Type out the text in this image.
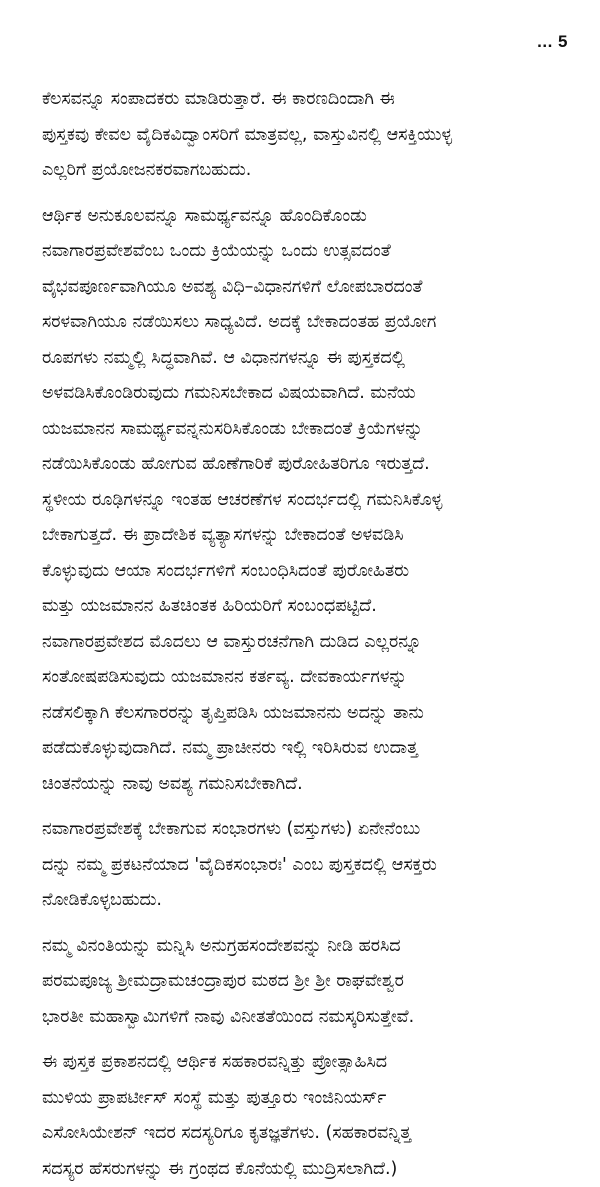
... 5

ಕೆಲಸವನ್ನೂ ಸಂಪಾದಕರು ಮಾಡಿರುತ್ತಾರೆ. ಈ ಕಾರಣದಿಂದಾಗಿ ಈ
ಪುಸ್ತಕವು ಕೇವಲ ವೈದಿಕವಿದ್ವಾಂಸರಿಗೆ ಮಾತ್ರವಲ್ಲ, ವಾಸ್ತುವಿನಲ್ಲಿ ಆಸಕ್ತಿಯುಳ್ಳ
ಎಲ್ಲರಿಗೆ ಪ್ರಯೋಜನಕರವಾಗಬಹುದು.

ಆರ್ಥಿಕ ಅನುಕೂಲವನ್ನೂ ಸಾಮರ್ಥ್ಯವನ್ನೂ ಹೊಂದಿಕೊಂಡು
ನವಾಗಾರಪ್ರವೇಶವೆಂಬ ಒಂದು ಕ್ರಿಯೆಯನ್ನು ಒಂದು ಉತ್ಸವದಂತೆ
ವೈಭವಪೂರ್ಣವಾಗಿಯೂ ಅವಶ್ಯ ವಿಧಿ–ವಿಧಾನಗಳಿಗೆ ಲೋಪಬಾರದಂತೆ
ಸರಳವಾಗಿಯೂ ನಡೆಯಿಸಲು ಸಾಧ್ಯವಿದೆ. ಅದಕ್ಕೆ ಬೇಕಾದಂತಹ ಪ್ರಯೋಗ
ರೂಪಗಳು ನಮ್ಮಲ್ಲಿ ಸಿದ್ಧವಾಗಿವೆ. ಆ ವಿಧಾನಗಳನ್ನೂ ಈ ಪುಸ್ತಕದಲ್ಲಿ
ಅಳವಡಿಸಿಕೊಂಡಿರುವುದು ಗಮನಿಸಬೇಕಾದ ವಿಷಯವಾಗಿದೆ. ಮನೆಯ
ಯಜಮಾನನ ಸಾಮರ್ಥ್ಯವನ್ನನುಸರಿಸಿಕೊಂಡು ಬೇಕಾದಂತೆ ಕ್ರಿಯೆಗಳನ್ನು
ನಡೆಯಿಸಿಕೊಂಡು ಹೋಗುವ ಹೊಣೆಗಾರಿಕೆ ಪುರೋಹಿತರಿಗೂ ಇರುತ್ತದೆ.
ಸ್ಥಳೀಯ ರೂಢಿಗಳನ್ನೂ ಇಂತಹ ಆಚರಣೆಗಳ ಸಂದರ್ಭದಲ್ಲಿ ಗಮನಿಸಿಕೊಳ್ಳ
ಬೇಕಾಗುತ್ತದೆ. ಈ ಪ್ರಾದೇಶಿಕ ವ್ಯತ್ಯಾಸಗಳನ್ನು ಬೇಕಾದಂತೆ ಅಳವಡಿಸಿ
ಕೊಳ್ಳುವುದು ಆಯಾ ಸಂದರ್ಭಗಳಿಗೆ ಸಂಬಂಧಿಸಿದಂತೆ ಪುರೋಹಿತರು
ಮತ್ತು ಯಜಮಾನನ ಹಿತಚಿಂತಕ ಹಿರಿಯರಿಗೆ ಸಂಬಂಧಪಟ್ಟಿದೆ.
ನವಾಗಾರಪ್ರವೇಶದ ಮೊದಲು ಆ ವಾಸ್ತುರಚನೆಗಾಗಿ ದುಡಿದ ಎಲ್ಲರನ್ನೂ
ಸಂತೋಷಪಡಿಸುವುದು ಯಜಮಾನನ ಕರ್ತವ್ಯ. ದೇವಕಾರ್ಯಗಳನ್ನು
ನಡೆಸಲಿಕ್ಕಾಗಿ ಕೆಲಸಗಾರರನ್ನು ತೃಪ್ತಿಪಡಿಸಿ ಯಜಮಾನನು ಅದನ್ನು ತಾನು
ಪಡೆದುಕೊಳ್ಳುವುದಾಗಿದೆ. ನಮ್ಮ ಪ್ರಾಚೀನರು ಇಲ್ಲಿ ಇರಿಸಿರುವ ಉದಾತ್ತ
ಚಿಂತನೆಯನ್ನು ನಾವು ಅವಶ್ಯ ಗಮನಿಸಬೇಕಾಗಿದೆ.

ನವಾಗಾರಪ್ರವೇಶಕ್ಕೆ ಬೇಕಾಗುವ ಸಂಭಾರಗಳು (ವಸ್ತುಗಳು) ಏನೇನೆಂಬು
ದನ್ನು ನಮ್ಮ ಪ್ರಕಟನೆಯಾದ 'ವೈದಿಕಸಂಭಾರಃ' ಎಂಬ ಪುಸ್ತಕದಲ್ಲಿ ಆಸಕ್ತರು
ನೋಡಿಕೊಳ್ಳಬಹುದು.

ನಮ್ಮ ವಿನಂತಿಯನ್ನು ಮನ್ನಿಸಿ ಅನುಗ್ರಹಸಂದೇಶವನ್ನು ನೀಡಿ ಹರಸಿದ
ಪರಮಪೂಜ್ಯ ಶ್ರೀಮದ್ರಾಮಚಂದ್ರಾಪುರ ಮಠದ ಶ್ರೀ ಶ್ರೀ ರಾಘವೇಶ್ವರ
ಭಾರತೀ ಮಹಾಸ್ವಾಮಿಗಳಿಗೆ ನಾವು ವಿನೀತತೆಯಿಂದ ನಮಸ್ಕರಿಸುತ್ತೇವೆ.

ಈ ಪುಸ್ತಕ ಪ್ರಕಾಶನದಲ್ಲಿ ಆರ್ಥಿಕ ಸಹಕಾರವನ್ನಿತ್ತು ಪ್ರೋತ್ಸಾಹಿಸಿದ
ಮುಳಿಯ ಪ್ರಾಪರ್ಟೀಸ್ ಸಂಸ್ಥೆ ಮತ್ತು ಪುತ್ತೂರು ಇಂಜಿನಿಯರ್ಸ್
ಎಸೋಸಿಯೇಶನ್ ಇದರ ಸದಸ್ಯರಿಗೂ ಕೃತಜ್ಞತೆಗಳು. (ಸಹಕಾರವನ್ನಿತ್ತ
ಸದಸ್ಯರ ಹೆಸರುಗಳನ್ನು ಈ ಗ್ರಂಥದ ಕೊನೆಯಲ್ಲಿ ಮುದ್ರಿಸಲಾಗಿದೆ.)
